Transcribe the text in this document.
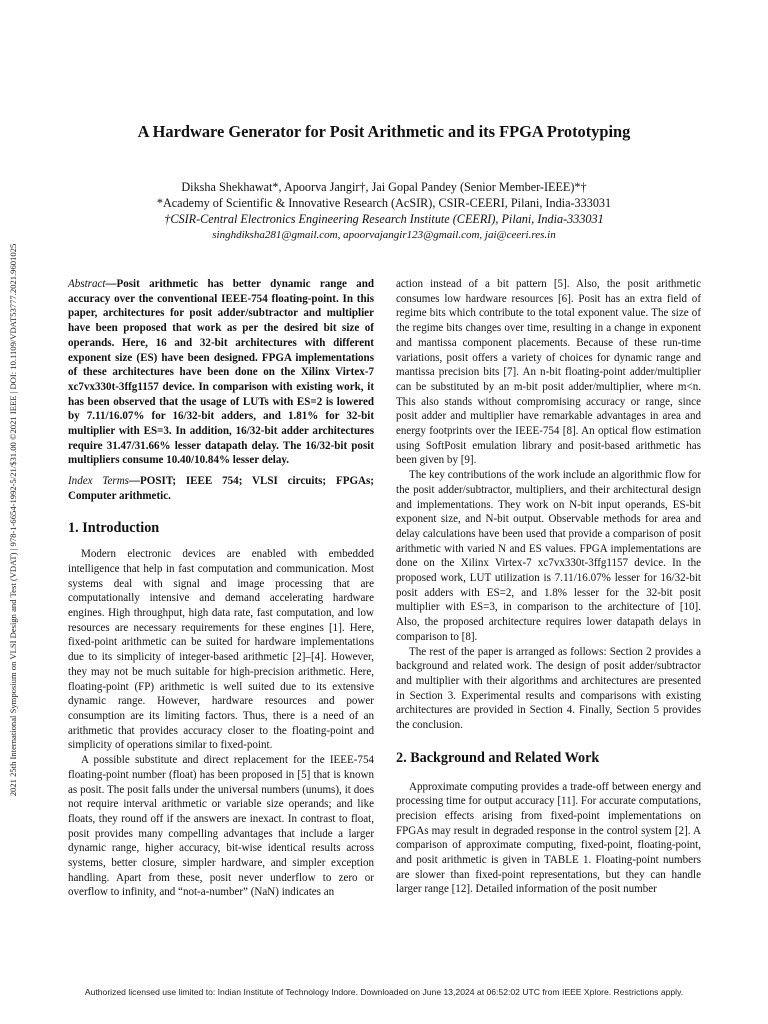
2021 25th International Symposium on VLSI Design and Test (VDAT) | 978-1-6654-1992-5/21/$31.00 ©2021 IEEE | DOI: 10.1109/VDAT53777.2021.9601025
A Hardware Generator for Posit Arithmetic and its FPGA Prototyping
Diksha Shekhawat*, Apoorva Jangir†, Jai Gopal Pandey (Senior Member-IEEE)*†
*Academy of Scientific & Innovative Research (AcSIR), CSIR-CEERI, Pilani, India-333031
†CSIR-Central Electronics Engineering Research Institute (CEERI), Pilani, India-333031
singhdiksha281@gmail.com, apoorvajangir123@gmail.com, jai@ceeri.res.in

Abstract—Posit arithmetic has better dynamic range and accuracy over the conventional IEEE-754 floating-point. In this paper, architectures for posit adder/subtractor and multiplier have been proposed that work as per the desired bit size of operands. Here, 16 and 32-bit architectures with different exponent size (ES) have been designed. FPGA implementations of these architectures have been done on the Xilinx Virtex-7 xc7vx330t-3ffg1157 device. In comparison with existing work, it has been observed that the usage of LUTs with ES=2 is lowered by 7.11/16.07% for 16/32-bit adders, and 1.81% for 32-bit multiplier with ES=3. In addition, 16/32-bit adder architectures require 31.47/31.66% lesser datapath delay. The 16/32-bit posit multipliers consume 10.40/10.84% lesser delay.

Index Terms—POSIT; IEEE 754; VLSI circuits; FPGAs; Computer arithmetic.

1. Introduction

Modern electronic devices are enabled with embedded intelligence that help in fast computation and communication. Most systems deal with signal and image processing that are computationally intensive and demand accelerating hardware engines. High throughput, high data rate, fast computation, and low resources are necessary requirements for these engines [1]. Here, fixed-point arithmetic can be suited for hardware implementations due to its simplicity of integer-based arithmetic [2]–[4]. However, they may not be much suitable for high-precision arithmetic. Here, floating-point (FP) arithmetic is well suited due to its extensive dynamic range. However, hardware resources and power consumption are its limiting factors. Thus, there is a need of an arithmetic that provides accuracy closer to the floating-point and simplicity of operations similar to fixed-point.

A possible substitute and direct replacement for the IEEE-754 floating-point number (float) has been proposed in [5] that is known as posit. The posit falls under the universal numbers (unums), it does not require interval arithmetic or variable size operands; and like floats, they round off if the answers are inexact. In contrast to float, posit provides many compelling advantages that include a larger dynamic range, higher accuracy, bit-wise identical results across systems, better closure, simpler hardware, and simpler exception handling. Apart from these, posit never underflow to zero or overflow to infinity, and “not-a-number” (NaN) indicates an

action instead of a bit pattern [5]. Also, the posit arithmetic consumes low hardware resources [6]. Posit has an extra field of regime bits which contribute to the total exponent value. The size of the regime bits changes over time, resulting in a change in exponent and mantissa component placements. Because of these run-time variations, posit offers a variety of choices for dynamic range and mantissa precision bits [7]. An n-bit floating-point adder/multiplier can be substituted by an m-bit posit adder/multiplier, where m<n. This also stands without compromising accuracy or range, since posit adder and multiplier have remarkable advantages in area and energy footprints over the IEEE-754 [8]. An optical flow estimation using SoftPosit emulation library and posit-based arithmetic has been given by [9].

The key contributions of the work include an algorithmic flow for the posit adder/subtractor, multipliers, and their architectural design and implementations. They work on N-bit input operands, ES-bit exponent size, and N-bit output. Observable methods for area and delay calculations have been used that provide a comparison of posit arithmetic with varied N and ES values. FPGA implementations are done on the Xilinx Virtex-7 xc7vx330t-3ffg1157 device. In the proposed work, LUT utilization is 7.11/16.07% lesser for 16/32-bit posit adders with ES=2, and 1.8% lesser for the 32-bit posit multiplier with ES=3, in comparison to the architecture of [10]. Also, the proposed architecture requires lower datapath delays in comparison to [8].

The rest of the paper is arranged as follows: Section 2 provides a background and related work. The design of posit adder/subtractor and multiplier with their algorithms and architectures are presented in Section 3. Experimental results and comparisons with existing architectures are provided in Section 4. Finally, Section 5 provides the conclusion.

2. Background and Related Work

Approximate computing provides a trade-off between energy and processing time for output accuracy [11]. For accurate computations, precision effects arising from fixed-point implementations on FPGAs may result in degraded response in the control system [2]. A comparison of approximate computing, fixed-point, floating-point, and posit arithmetic is given in TABLE 1. Floating-point numbers are slower than fixed-point representations, but they can handle larger range [12]. Detailed information of the posit number

Authorized licensed use limited to: Indian Institute of Technology Indore. Downloaded on June 13,2024 at 06:52:02 UTC from IEEE Xplore. Restrictions apply.
